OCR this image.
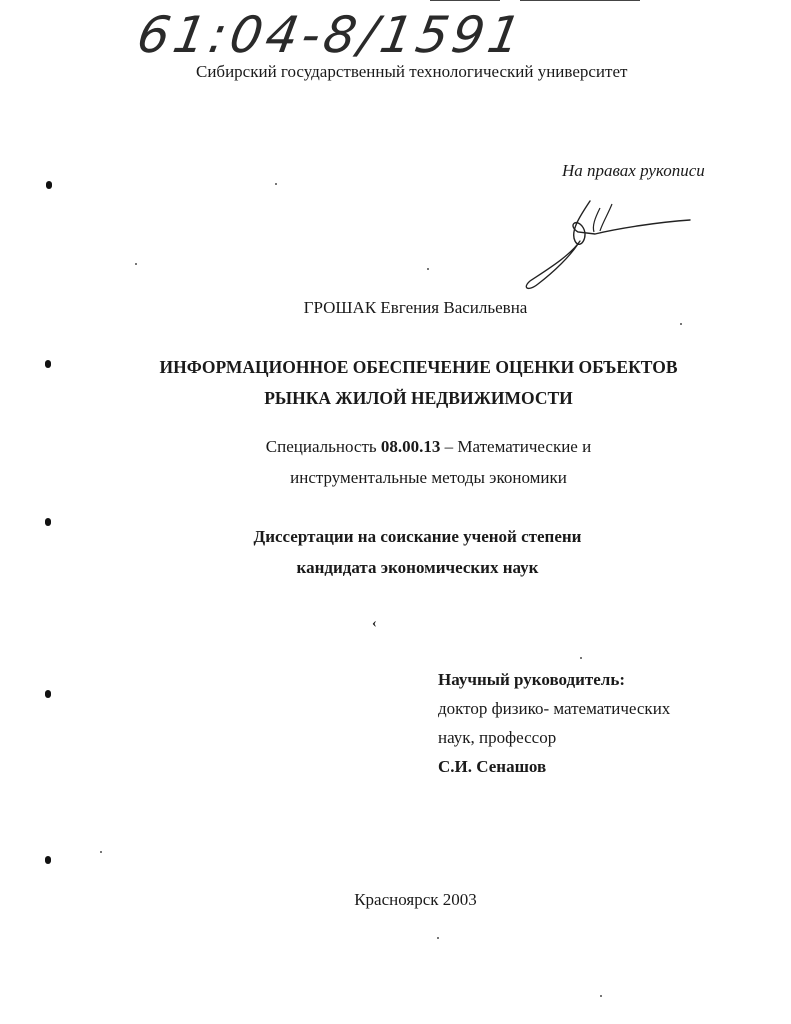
61:04-8/1591
Сибирский государственный технологический университет
На правах рукописи
ГРОШАК Евгения Васильевна
ИНФОРМАЦИОННОЕ ОБЕСПЕЧЕНИЕ ОЦЕНКИ ОБЪЕКТОВ
РЫНКА ЖИЛОЙ НЕДВИЖИМОСТИ
Специальность 08.00.13 – Математические и
инструментальные методы экономики
Диссертации на соискание ученой степени
кандидата экономических наук
‹
Научный руководитель:
доктор физико- математических
наук, профессор
С.И. Сенашов
Красноярск 2003
